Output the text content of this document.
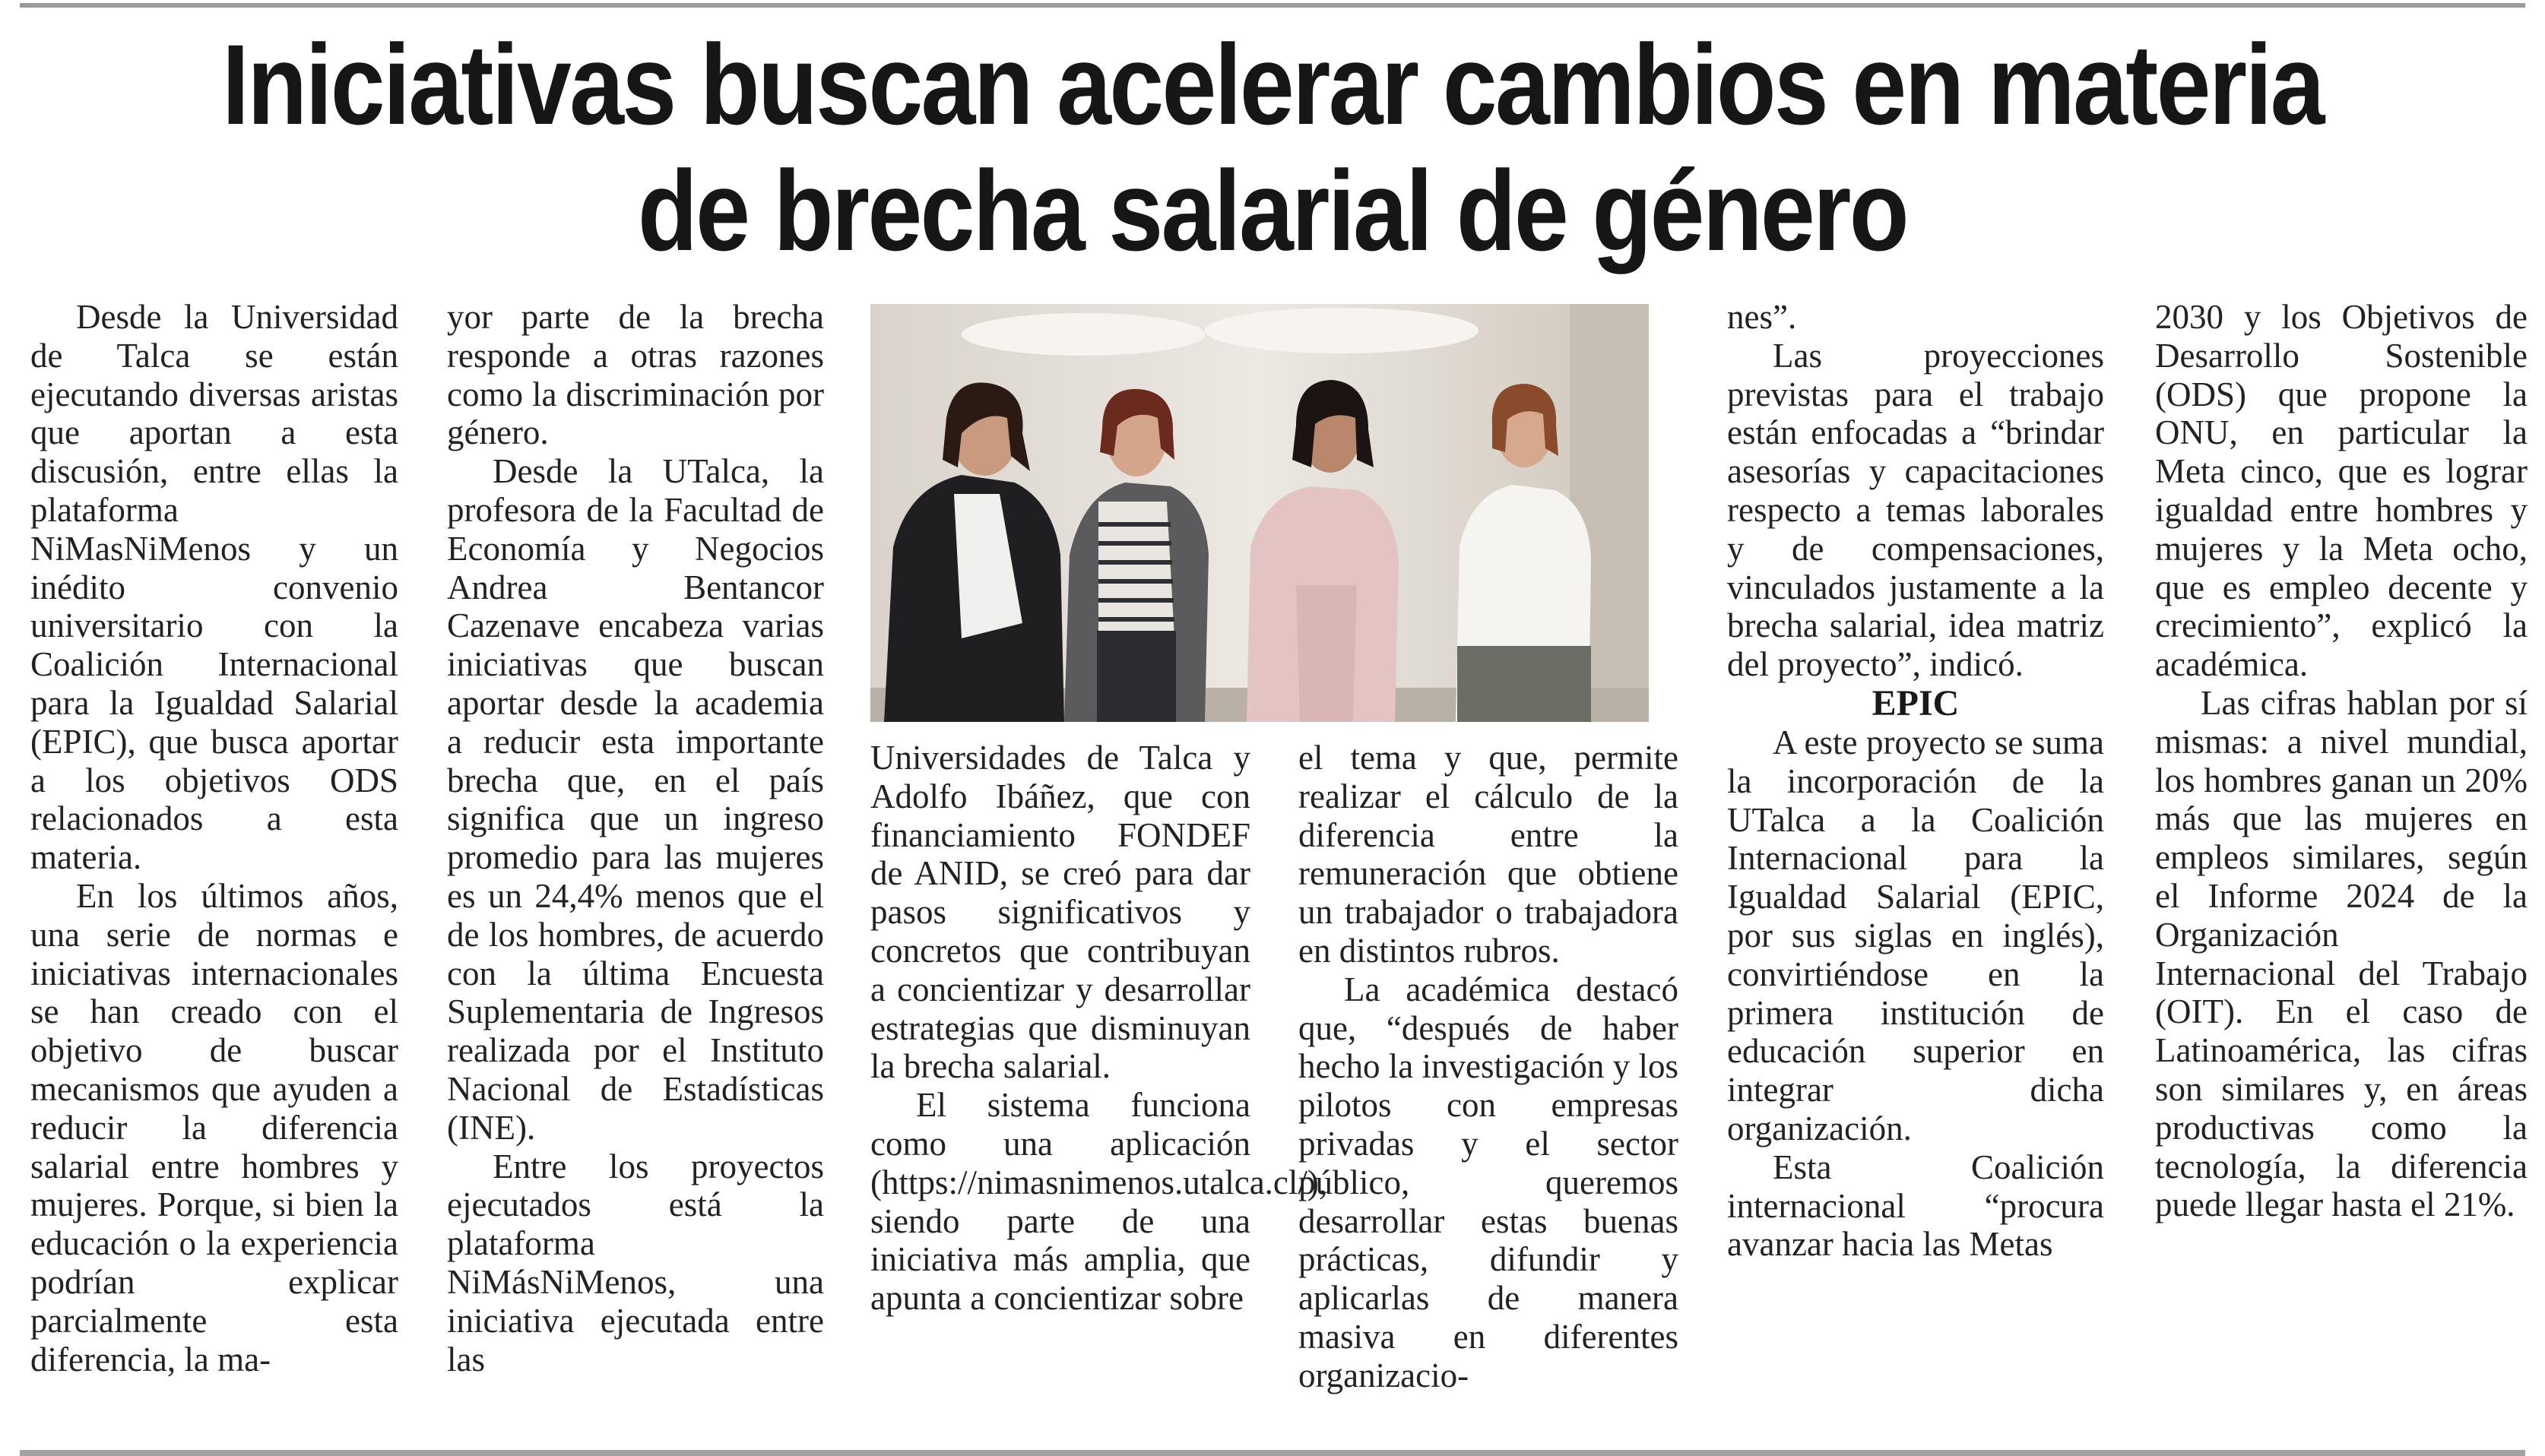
Iniciativas buscan acelerar cambios en materia de brecha salarial de género

Desde la Universidad de Talca se están ejecutando diversas aristas que aportan a esta discusión, entre ellas la plataforma NiMasNiMenos y un inédito convenio universitario con la Coalición Internacional para la Igualdad Salarial (EPIC), que busca aportar a los objetivos ODS relacionados a esta materia.

En los últimos años, una serie de normas e iniciativas internacionales se han creado con el objetivo de buscar mecanismos que ayuden a reducir la diferencia salarial entre hombres y mujeres. Porque, si bien la educación o la experiencia podrían explicar parcialmente esta diferencia, la ma-

yor parte de la brecha responde a otras razones como la discriminación por género.

Desde la UTalca, la profesora de la Facultad de Economía y Negocios Andrea Bentancor Cazenave encabeza varias iniciativas que buscan aportar desde la academia a reducir esta importante brecha que, en el país significa que un ingreso promedio para las mujeres es un 24,4% menos que el de los hombres, de acuerdo con la última Encuesta Suplementaria de Ingresos realizada por el Instituto Nacional de Estadísticas (INE).

Entre los proyectos ejecutados está la plataforma NiMásNiMenos, una iniciativa ejecutada entre las

Universidades de Talca y Adolfo Ibáñez, que con financiamiento FONDEF de ANID, se creó para dar pasos significativos y concretos que contribuyan a concientizar y desarrollar estrategias que disminuyan la brecha salarial.

El sistema funciona como una aplicación (https://nimasnimenos.utalca.cl/), siendo parte de una iniciativa más amplia, que apunta a concientizar sobre

el tema y que, permite realizar el cálculo de la diferencia entre la remuneración que obtiene un trabajador o trabajadora en distintos rubros.

La académica destacó que, “después de haber hecho la investigación y los pilotos con empresas privadas y el sector público, queremos desarrollar estas buenas prácticas, difundir y aplicarlas de manera masiva en diferentes organizacio-

nes”.

Las proyecciones previstas para el trabajo están enfocadas a “brindar asesorías y capacitaciones respecto a temas laborales y de compensaciones, vinculados justamente a la brecha salarial, idea matriz del proyecto”, indicó.

EPIC

A este proyecto se suma la incorporación de la UTalca a la Coalición Internacional para la Igualdad Salarial (EPIC, por sus siglas en inglés), convirtiéndose en la primera institución de educación superior en integrar dicha organización.

Esta Coalición internacional “procura avanzar hacia las Metas

2030 y los Objetivos de Desarrollo Sostenible (ODS) que propone la ONU, en particular la Meta cinco, que es lograr igualdad entre hombres y mujeres y la Meta ocho, que es empleo decente y crecimiento”, explicó la académica.

Las cifras hablan por sí mismas: a nivel mundial, los hombres ganan un 20% más que las mujeres en empleos similares, según el Informe 2024 de la Organización Internacional del Trabajo (OIT). En el caso de Latinoamérica, las cifras son similares y, en áreas productivas como la tecnología, la diferencia puede llegar hasta el 21%.
